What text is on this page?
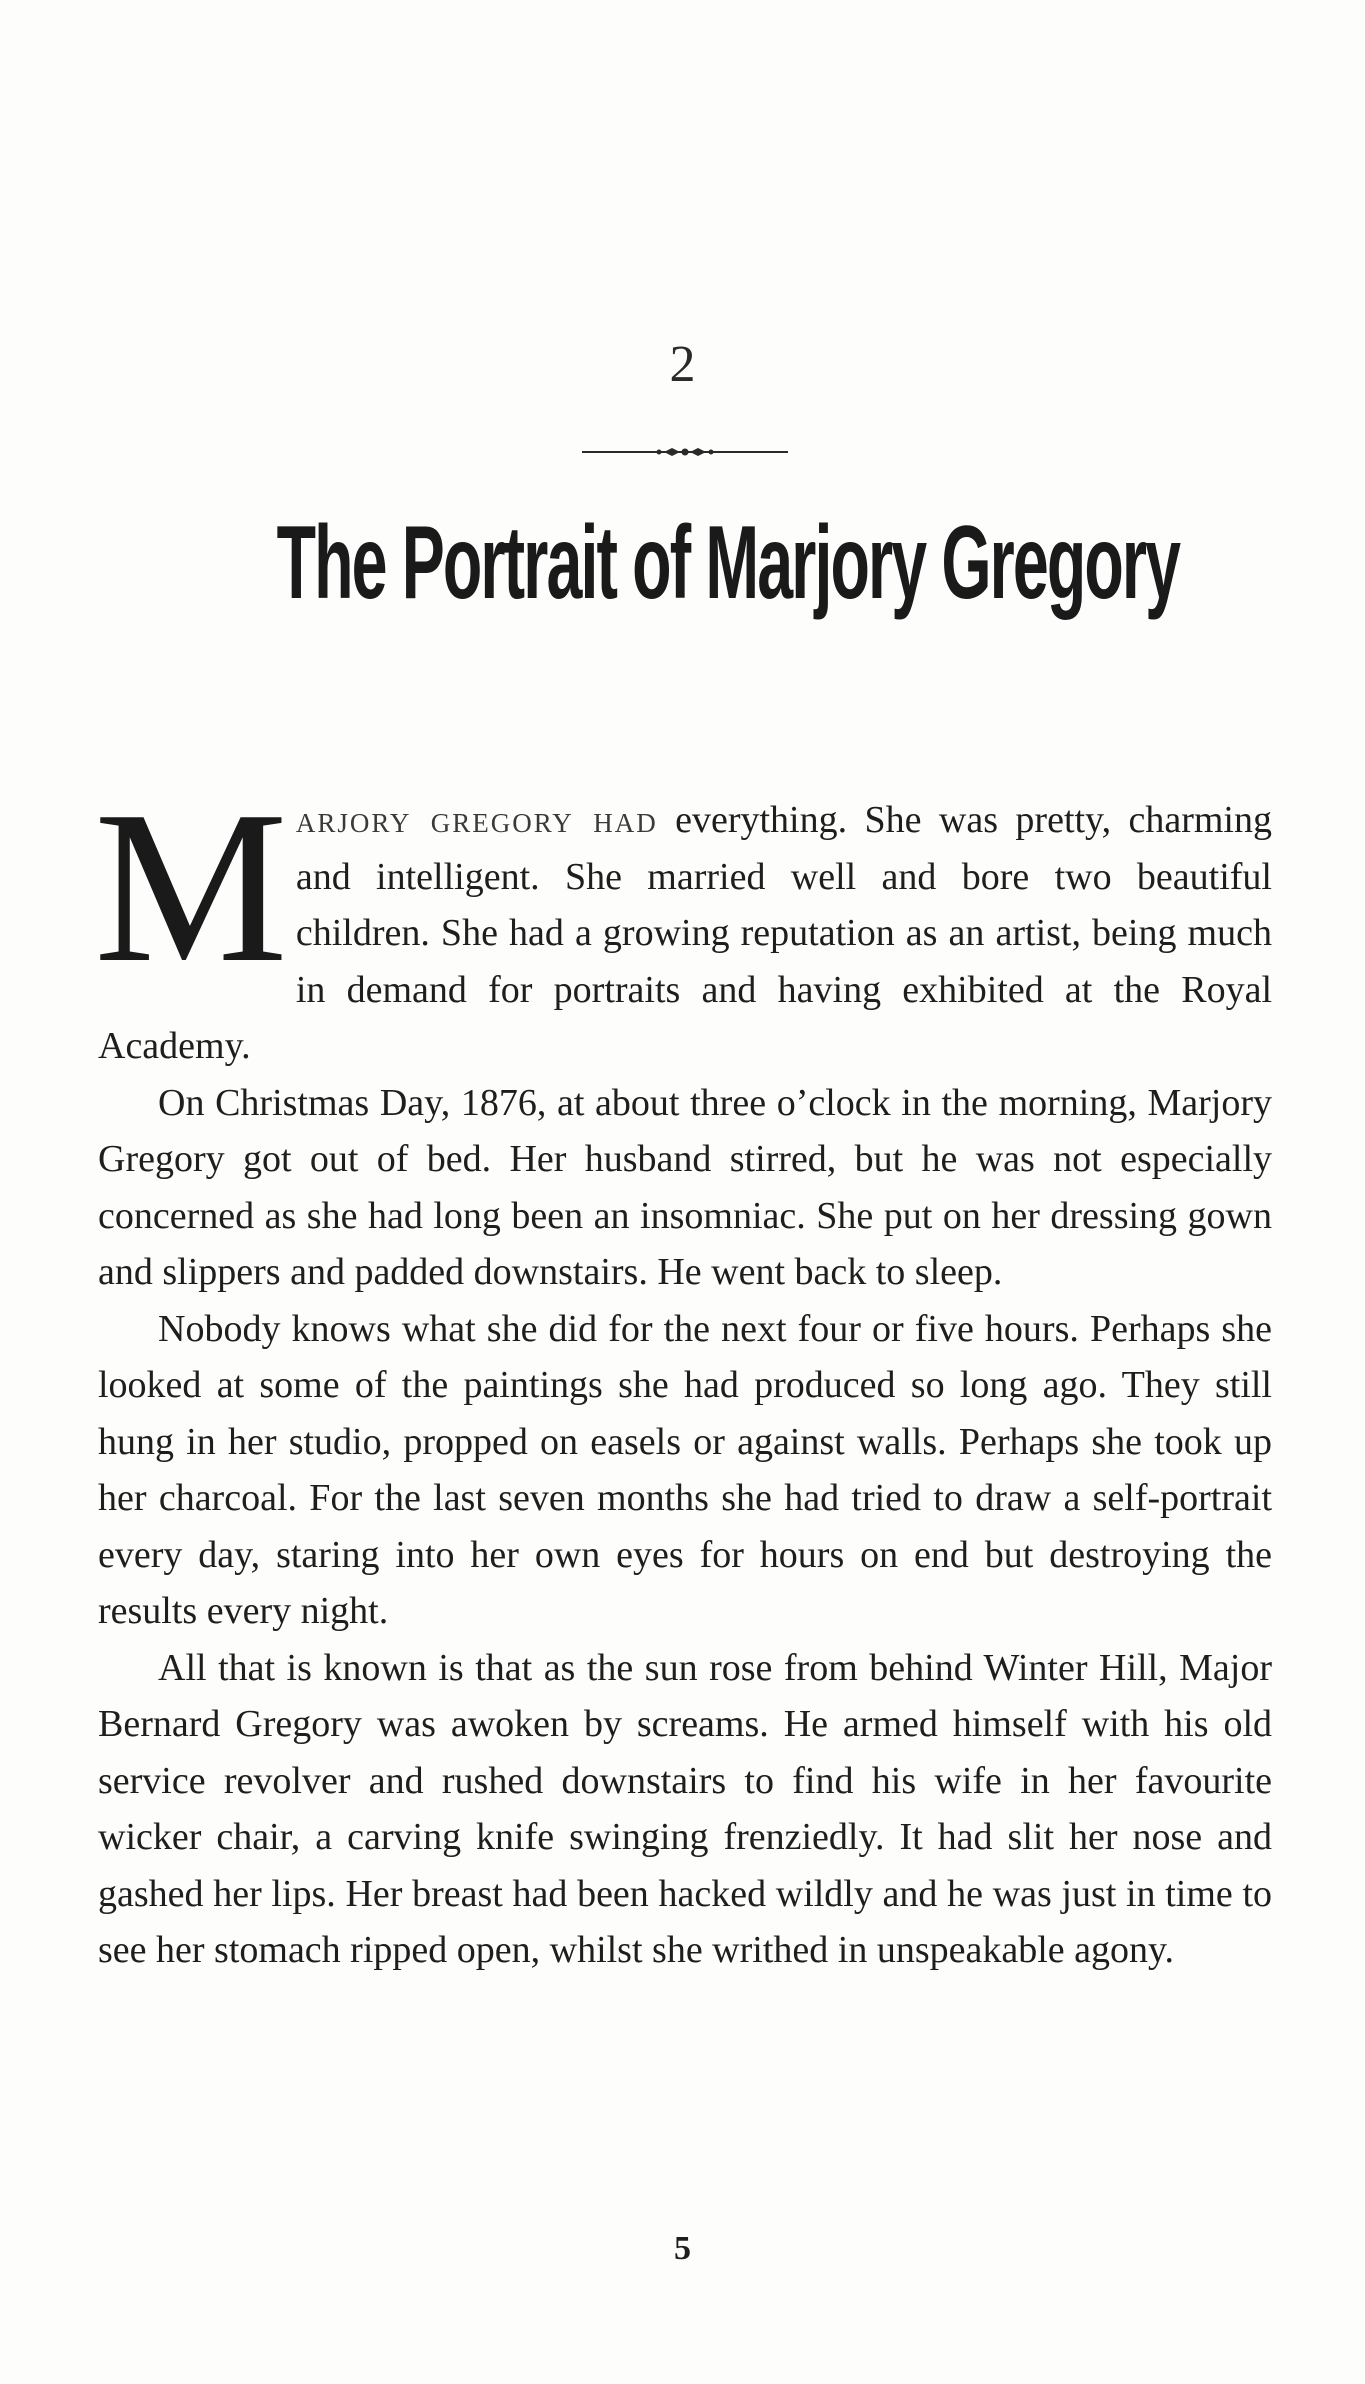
2
The Portrait of Marjory Gregory

Marjory gregory had everything. She was pretty, charming and intelligent. She married well and bore two beautiful children. She had a growing reputation as an artist, being much in demand for portraits and having exhibited at the Royal Academy.

On Christmas Day, 1876, at about three o’clock in the morning, Marjory Gregory got out of bed. Her husband stirred, but he was not especially concerned as she had long been an insomniac. She put on her dressing gown and slippers and padded downstairs. He went back to sleep.

Nobody knows what she did for the next four or five hours. Perhaps she looked at some of the paintings she had produced so long ago. They still hung in her studio, propped on easels or against walls. Perhaps she took up her charcoal. For the last seven months she had tried to draw a self-portrait every day, staring into her own eyes for hours on end but destroying the results every night.

All that is known is that as the sun rose from behind Winter Hill, Major Bernard Gregory was awoken by screams. He armed himself with his old service revolver and rushed downstairs to find his wife in her favourite wicker chair, a carving knife swinging frenziedly. It had slit her nose and gashed her lips. Her breast had been hacked wildly and he was just in time to see her stomach ripped open, whilst she writhed in unspeakable agony.

5
